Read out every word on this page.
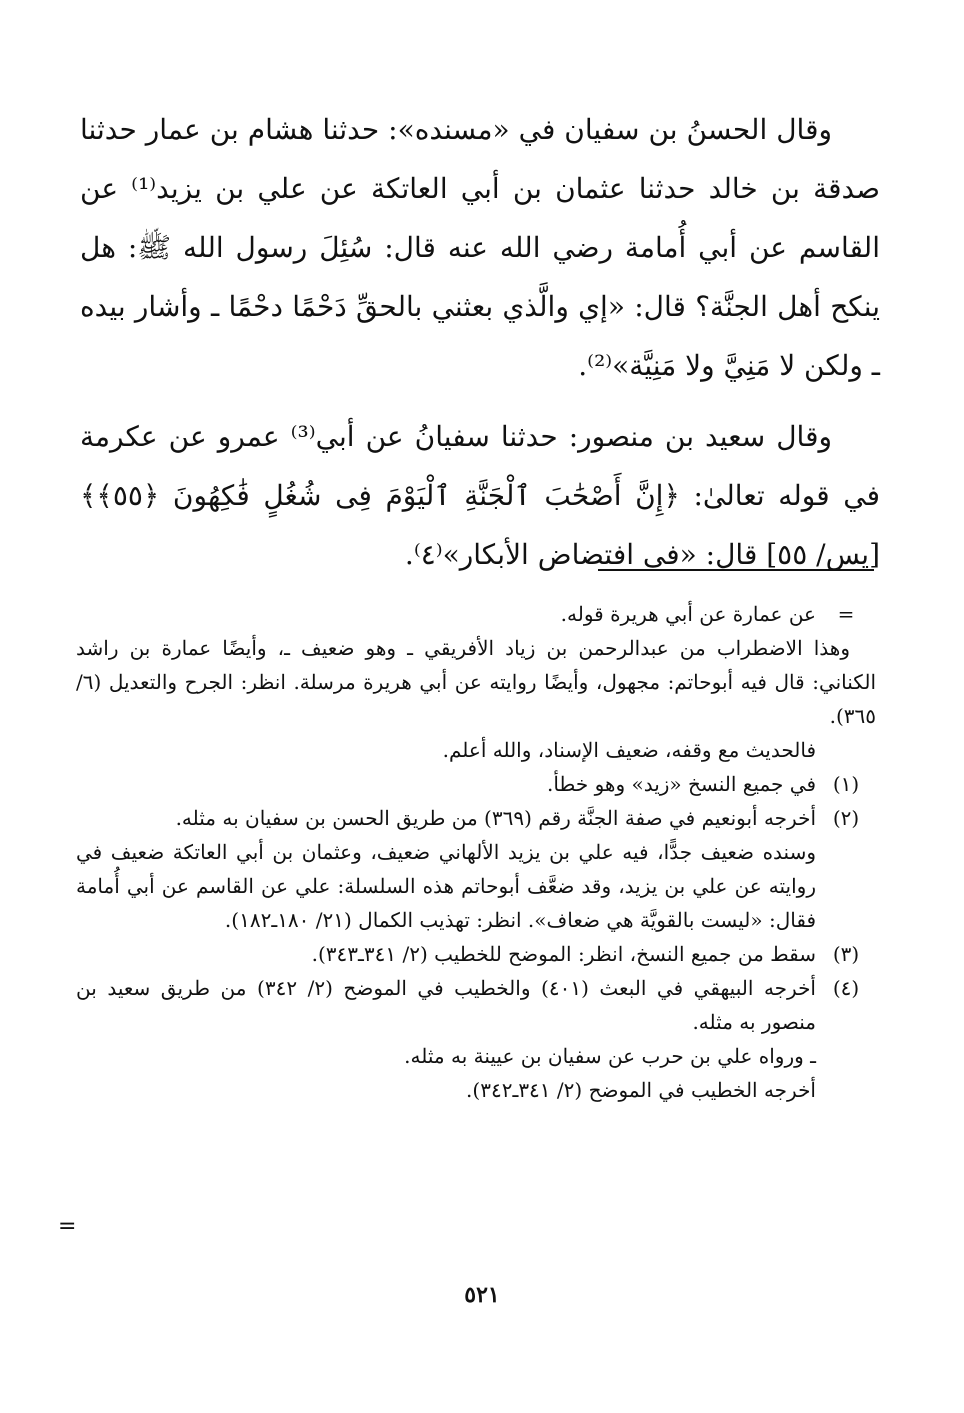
وقال الحسنُ بن سفيان في «مسنده»: حدثنا هشام بن عمار حدثنا صدقة بن خالد حدثنا عثمان بن أبي العاتكة عن علي بن يزيد⁽¹⁾ عن القاسم عن أبي أُمامة رضي الله عنه قال: سُئِلَ رسول الله ﷺ: هل ينكح أهل الجنَّة؟ قال: «إي والَّذي بعثني بالحقِّ دَحْمًا دحْمًا ـ وأشار بيده ـ ولكن لا مَنِيَّ ولا مَنِيَّة»⁽²⁾.

وقال سعيد بن منصور: حدثنا سفيانُ عن أبي⁽³⁾ عمرو عن عكرمة في قوله تعالىٰ: ﴿إِنَّ أَصْحَٰبَ ٱلْجَنَّةِ ٱلْيَوْمَ فِى شُغُلٍ فَٰكِهُونَ ﴿٥٥﴾﴾ [يس/ ٥٥] قال: «في افتضاض الأبكار»⁽٤⁾.

=
عن عمارة عن أبي هريرة قوله.
وهذا الاضطراب من عبدالرحمن بن زياد الأفريقي ـ وهو ضعيف ـ، وأيضًا عمارة بن راشد الكناني: قال فيه أبوحاتم: مجهول، وأيضًا روايته عن أبي هريرة مرسلة. انظر: الجرح والتعديل (٦/ ٣٦٥).
فالحديث مع وقفه، ضعيف الإسناد، والله أعلم.
(١)
في جميع النسخ «زيد» وهو خطأ.
(٢)
أخرجه أبونعيم في صفة الجنَّة رقم (٣٦٩) من طريق الحسن بن سفيان به مثله.
وسنده ضعيف جدًّا، فيه علي بن يزيد الألهاني ضعيف، وعثمان بن أبي العاتكة ضعيف في روايته عن علي بن يزيد، وقد ضعَّف أبوحاتم هذه السلسلة: علي عن القاسم عن أبي أُمامة فقال: «ليست بالقويَّة هي ضعاف». انظر: تهذيب الكمال (٢١/ ١٨٠ـ١٨٢).
(٣)
سقط من جميع النسخ، انظر: الموضح للخطيب (٢/ ٣٤١ـ٣٤٣).
(٤)
أخرجه البيهقي في البعث (٤٠١) والخطيب في الموضح (٢/ ٣٤٢) من طريق سعيد بن منصور به مثله.
ـ ورواه علي بن حرب عن سفيان بن عيينة به مثله.
أخرجه الخطيب في الموضح (٢/ ٣٤١ـ٣٤٢).
=
٥٢١
